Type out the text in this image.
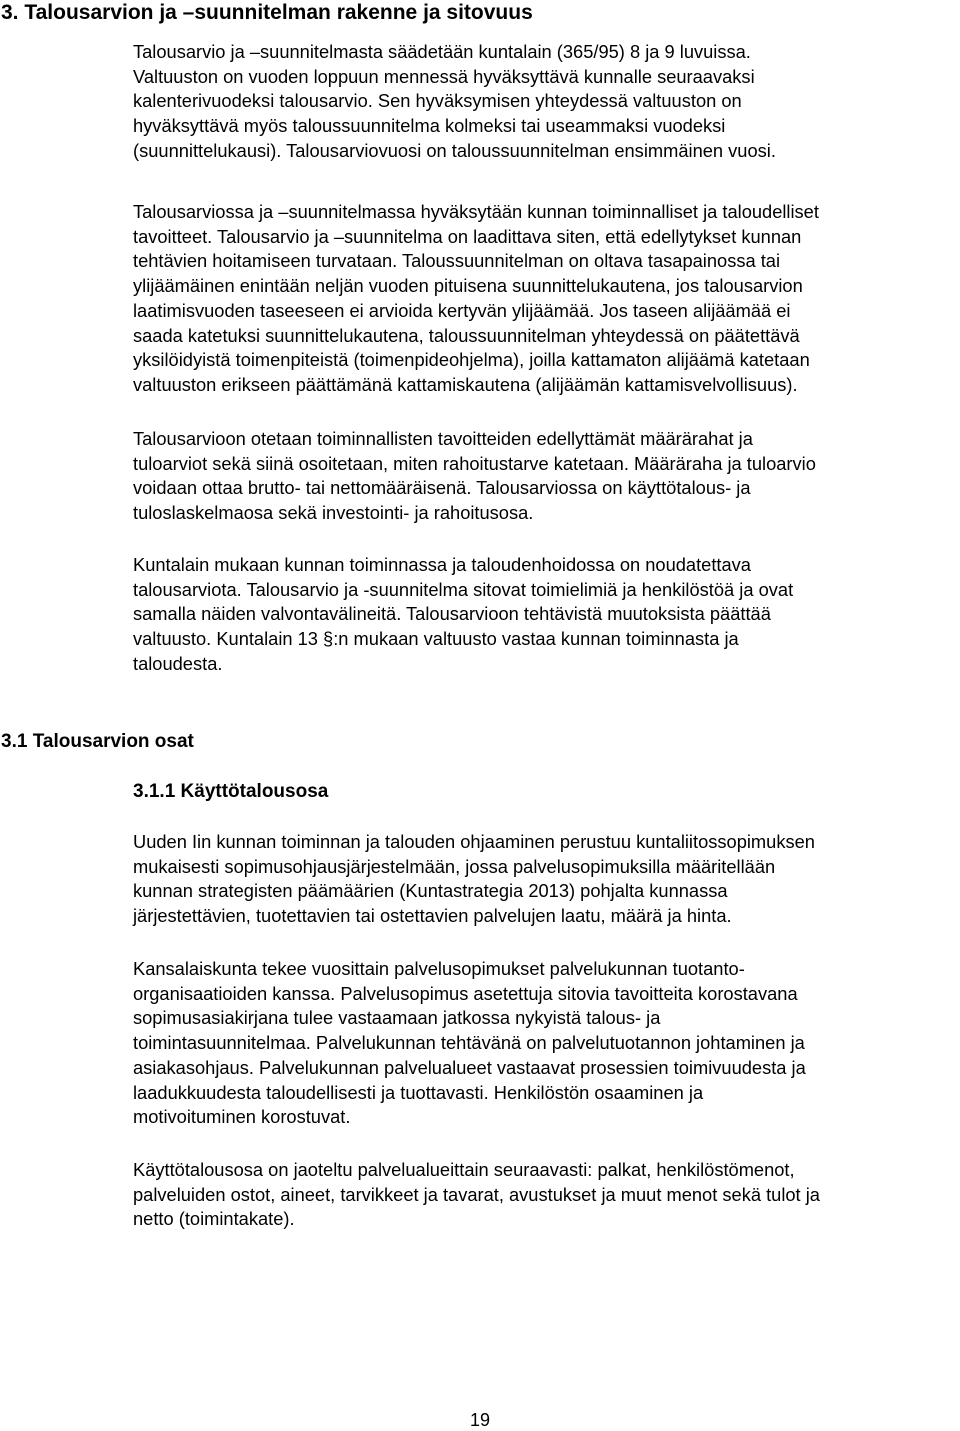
3. Talousarvion ja –suunnitelman rakenne ja sitovuus

Talousarvio ja –suunnitelmasta säädetään kuntalain (365/95) 8 ja 9 luvuissa.
Valtuuston on vuoden loppuun mennessä hyväksyttävä kunnalle seuraavaksi
kalenterivuodeksi talousarvio. Sen hyväksymisen yhteydessä valtuuston on
hyväksyttävä myös taloussuunnitelma kolmeksi tai useammaksi vuodeksi
(suunnittelukausi). Talousarviovuosi on taloussuunnitelman ensimmäinen vuosi.

Talousarviossa ja –suunnitelmassa hyväksytään kunnan toiminnalliset ja taloudelliset
tavoitteet. Talousarvio ja –suunnitelma on laadittava siten, että edellytykset kunnan
tehtävien hoitamiseen turvataan. Taloussuunnitelman on oltava tasapainossa tai
ylijäämäinen enintään neljän vuoden pituisena suunnittelukautena, jos talousarvion
laatimisvuoden taseeseen ei arvioida kertyvän ylijäämää. Jos taseen alijäämää ei
saada katetuksi suunnittelukautena, taloussuunnitelman yhteydessä on päätettävä
yksilöidyistä toimenpiteistä (toimenpideohjelma), joilla kattamaton alijäämä katetaan
valtuuston erikseen päättämänä kattamiskautena (alijäämän kattamisvelvollisuus).

Talousarvioon otetaan toiminnallisten tavoitteiden edellyttämät määrärahat ja
tuloarviot sekä siinä osoitetaan, miten rahoitustarve katetaan. Määräraha ja tuloarvio
voidaan ottaa brutto- tai nettomääräisenä. Talousarviossa on käyttötalous- ja
tuloslaskelmaosa sekä investointi- ja rahoitusosa.

Kuntalain mukaan kunnan toiminnassa ja taloudenhoidossa on noudatettava
talousarviota. Talousarvio ja -suunnitelma sitovat toimielimiä ja henkilöstöä ja ovat
samalla näiden valvontavälineitä. Talousarvioon tehtävistä muutoksista päättää
valtuusto. Kuntalain 13 §:n mukaan valtuusto vastaa kunnan toiminnasta ja
taloudesta.

3.1 Talousarvion osat
3.1.1 Käyttötalousosa

Uuden Iin kunnan toiminnan ja talouden ohjaaminen perustuu kuntaliitossopimuksen
mukaisesti sopimusohjausjärjestelmään, jossa palvelusopimuksilla määritellään
kunnan strategisten päämäärien (Kuntastrategia 2013) pohjalta kunnassa
järjestettävien, tuotettavien tai ostettavien palvelujen laatu, määrä ja hinta.

Kansalaiskunta tekee vuosittain palvelusopimukset palvelukunnan tuotanto-
organisaatioiden kanssa. Palvelusopimus asetettuja sitovia tavoitteita korostavana
sopimusasiakirjana tulee vastaamaan jatkossa nykyistä talous- ja
toimintasuunnitelmaa. Palvelukunnan tehtävänä on palvelutuotannon johtaminen ja
asiakasohjaus. Palvelukunnan palvelualueet vastaavat prosessien toimivuudesta ja
laadukkuudesta taloudellisesti ja tuottavasti. Henkilöstön osaaminen ja
motivoituminen korostuvat.

Käyttötalousosa on jaoteltu palvelualueittain seuraavasti: palkat, henkilöstömenot,
palveluiden ostot, aineet, tarvikkeet ja tavarat, avustukset ja muut menot sekä tulot ja
netto (toimintakate).

19
